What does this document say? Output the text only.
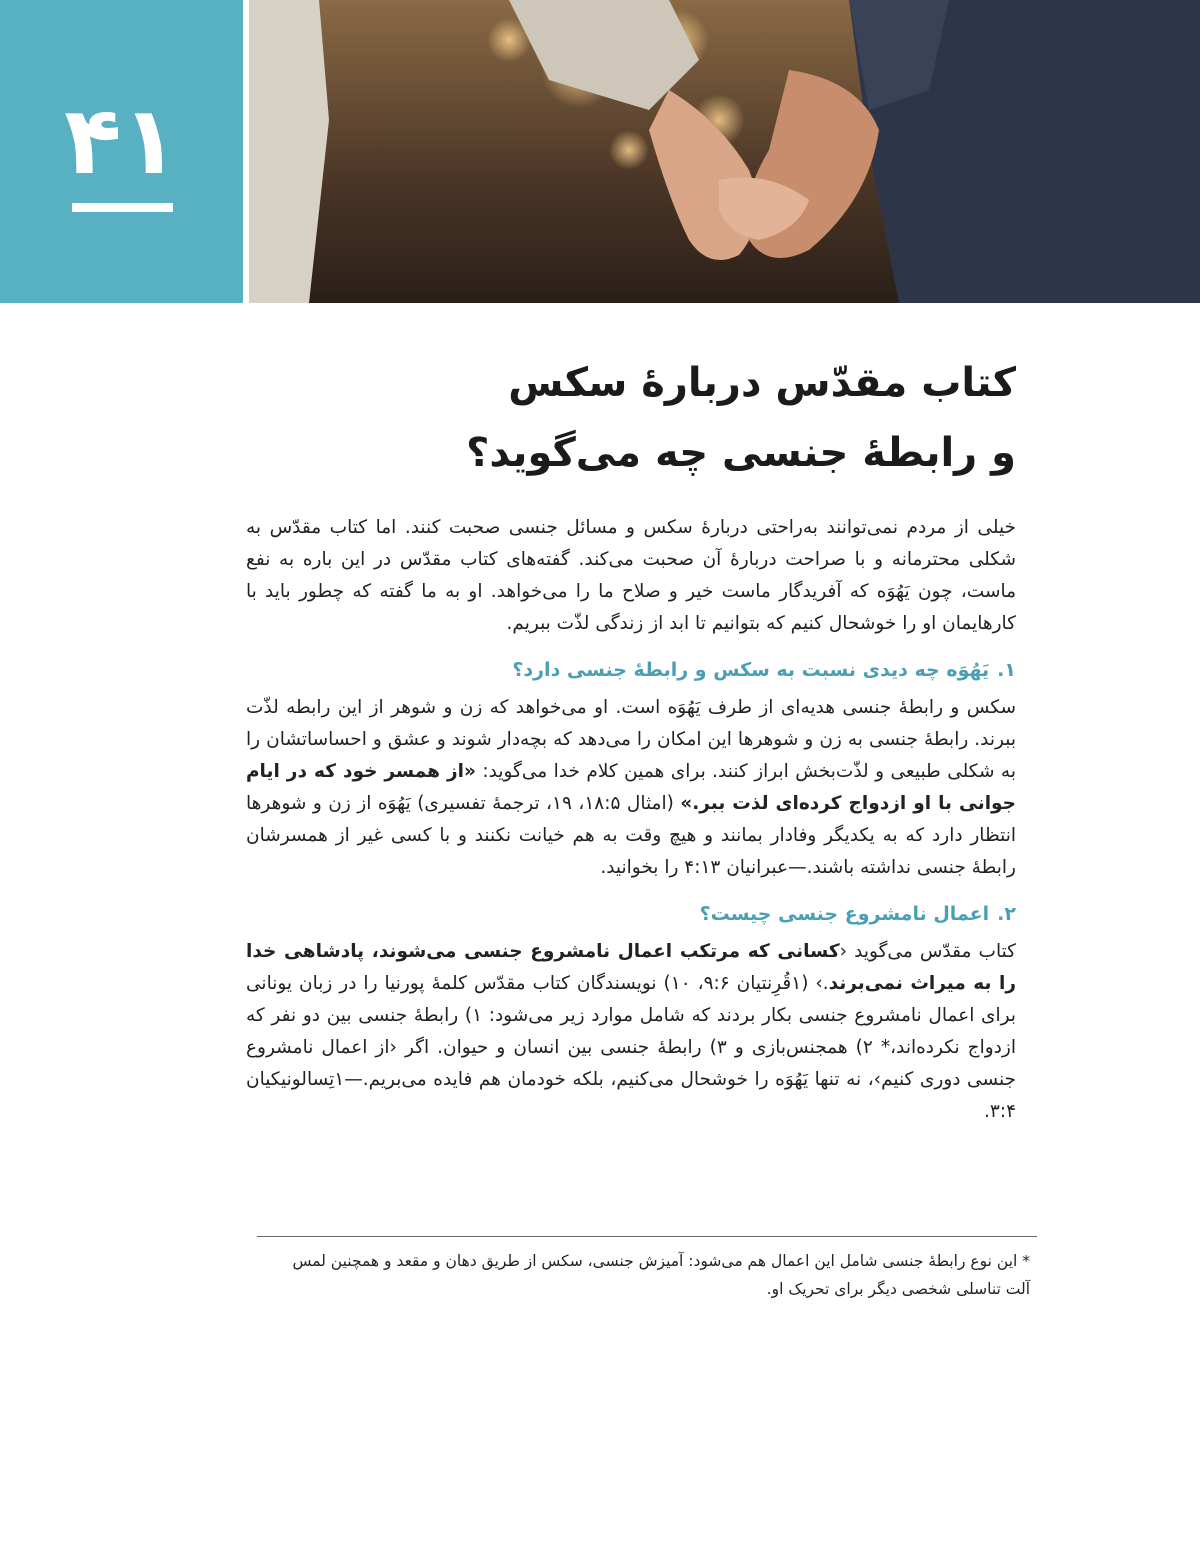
۴۱
کتاب مقدّس دربارهٔ سکس
و رابطهٔ جنسی چه می‌گوید؟

خیلی از مردم نمی‌توانند به‌راحتی دربارهٔ سکس و مسائل جنسی صحبت کنند. اما کتاب مقدّس به شکلی محترمانه و با صراحت دربارهٔ آن صحبت می‌کند. گفته‌های کتاب مقدّس در این باره به نفع ماست، چون یَهُوَه که آفریدگار ماست خیر و صلاح ما را می‌خواهد. او به ما گفته که چطور باید با کارهایمان او را خوشحال کنیم که بتوانیم تا ابد از زندگی لذّت ببریم.

۱.یَهُوَه چه دیدی نسبت به سکس و رابطهٔ جنسی دارد؟

سکس و رابطهٔ جنسی هدیه‌ای از طرف یَهُوَه است. او می‌خواهد که زن و شوهر از این رابطه لذّت ببرند. رابطهٔ جنسی به زن و شوهرها این امکان را می‌دهد که بچه‌دار شوند و عشق و احساساتشان را به شکلی طبیعی و لذّت‌بخش ابراز کنند. برای همین کلام خدا می‌گوید: «از همسر خود که در ایام جوانی با او ازدواج کرده‌ای لذت ببر.» (امثال ۵:‏۱۸، ۱۹، ترجمهٔ تفسیری) یَهُوَه از زن و شوهرها انتظار دارد که به یکدیگر وفادار بمانند و هیچ وقت به هم خیانت نکنند و با کسی غیر از همسرشان رابطهٔ جنسی نداشته باشند.—عبرانیان ۱۳:‏۴ را بخوانید.

۲.اعمال نامشروع جنسی چیست؟

کتاب مقدّس می‌گوید ‹کسانی که مرتکب اعمال نامشروع جنسی می‌شوند، پادشاهی خدا را به میراث نمی‌برند.› (۱قُرِنتیان ۶:‏۹، ۱۰) نویسندگان کتاب مقدّس کلمهٔ پورنیا را در زبان یونانی برای اعمال نامشروع جنسی بکار بردند که شامل موارد زیر می‌شود: ۱) رابطهٔ جنسی بین دو نفر که ازدواج نکرده‌اند،* ۲) همجنس‌بازی و ۳) رابطهٔ جنسی بین انسان و حیوان. اگر ‹از اعمال نامشروع جنسی دوری کنیم›، نه تنها یَهُوَه را خوشحال می‌کنیم، بلکه خودمان هم فایده می‌بریم.—۱تِسالونیکیان ۴:‏۳.

* این نوع رابطهٔ جنسی شامل این اعمال هم می‌شود: آمیزش جنسی، سکس از طریق دهان و مقعد و همچنین لمس آلت تناسلی شخصی دیگر برای تحریک او.
